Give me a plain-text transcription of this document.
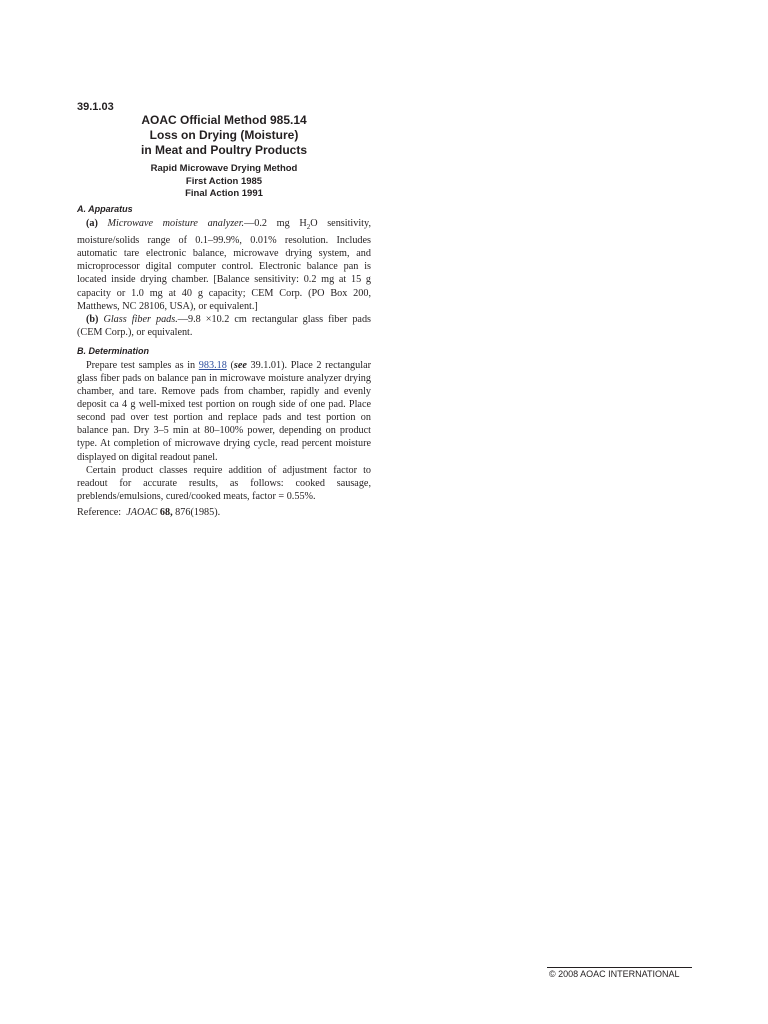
39.1.03
AOAC Official Method 985.14
Loss on Drying (Moisture)
in Meat and Poultry Products
Rapid Microwave Drying Method
First Action 1985
Final Action 1991

A. Apparatus

(a) Microwave moisture analyzer.—0.2 mg $H_2O$ sensitivity, moisture/solids range of 0.1–99.9%, 0.01% resolution. Includes automatic tare electronic balance, microwave drying system, and microprocessor digital computer control. Electronic balance pan is located inside drying chamber. [Balance sensitivity: 0.2 mg at 15 g capacity or 1.0 mg at 40 g capacity; CEM Corp. (PO Box 200, Matthews, NC 28106, USA), or equivalent.]

(b) Glass fiber pads.—9.8 ×10.2 cm rectangular glass fiber pads (CEM Corp.), or equivalent.

B. Determination

Prepare test samples as in 983.18 (see 39.1.01). Place 2 rectangular glass fiber pads on balance pan in microwave moisture analyzer drying chamber, and tare. Remove pads from chamber, rapidly and evenly deposit ca 4 g well-mixed test portion on rough side of one pad. Place second pad over test portion and replace pads and test portion on balance pan. Dry 3–5 min at 80–100% power, depending on product type. At completion of microwave drying cycle, read percent moisture displayed on digital readout panel.

Certain product classes require addition of adjustment factor to readout for accurate results, as follows: cooked sausage, preblends/emulsions, cured/cooked meats, factor = 0.55%.

Reference: JAOAC 68, 876(1985).

© 2008 AOAC INTERNATIONAL
